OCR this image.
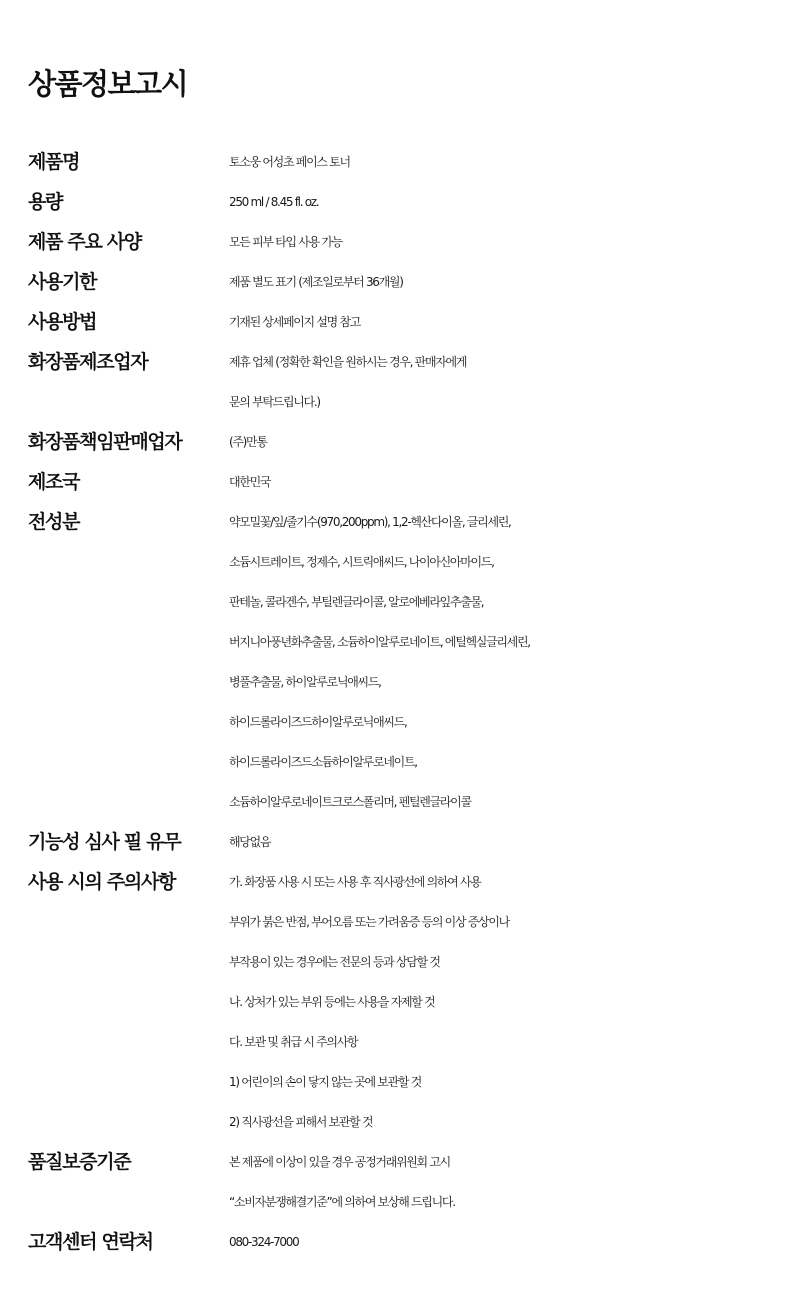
상품정보고시
제품명	토소웅 어성초 페이스 토너
용량	250 ml / 8.45 fl. oz.
제품 주요 사양	모든 피부 타입 사용 가능
사용기한	제품 별도 표기 (제조일로부터 36개월)
사용방법	기재된 상세페이지 설명 참고
화장품제조업자	제휴 업체 (정확한 확인을 원하시는 경우, 판매자에게
문의 부탁드립니다.)
화장품책임판매업자	(주)만통
제조국	대한민국
전성분	약모밀꽃/잎/줄기수(970,200ppm), 1,2-헥산다이올, 글리세린,
소듐시트레이트, 정제수, 시트릭애씨드, 나이아신아마이드,
판테놀, 콜라겐수, 부틸렌글라이콜, 알로에베라잎추출물,
버지니아풍년화추출물, 소듐하이알루로네이트, 에틸헥실글리세린,
병풀추출물, 하이알루로닉애씨드,
하이드롤라이즈드하이알루로닉애씨드,
하이드롤라이즈드소듐하이알루로네이트,
소듐하이알루로네이트크로스폴리머, 펜틸렌글라이콜
기능성 심사 필 유무	해당없음
사용 시의 주의사항	가. 화장품 사용 시 또는 사용 후 직사광선에 의하여 사용
부위가 붉은 반점, 부어오름 또는 가려움증 등의 이상 증상이나
부작용이 있는 경우에는 전문의 등과 상담할 것
나. 상처가 있는 부위 등에는 사용을 자제할 것
다. 보관 및 취급 시 주의사항
1) 어린이의 손이 닿지 않는 곳에 보관할 것
2) 직사광선을 피해서 보관할 것
품질보증기준	본 제품에 이상이 있을 경우 공정거래위원회 고시
“소비자분쟁해결기준”에 의하여 보상해 드립니다.
고객센터 연락처	080-324-7000
